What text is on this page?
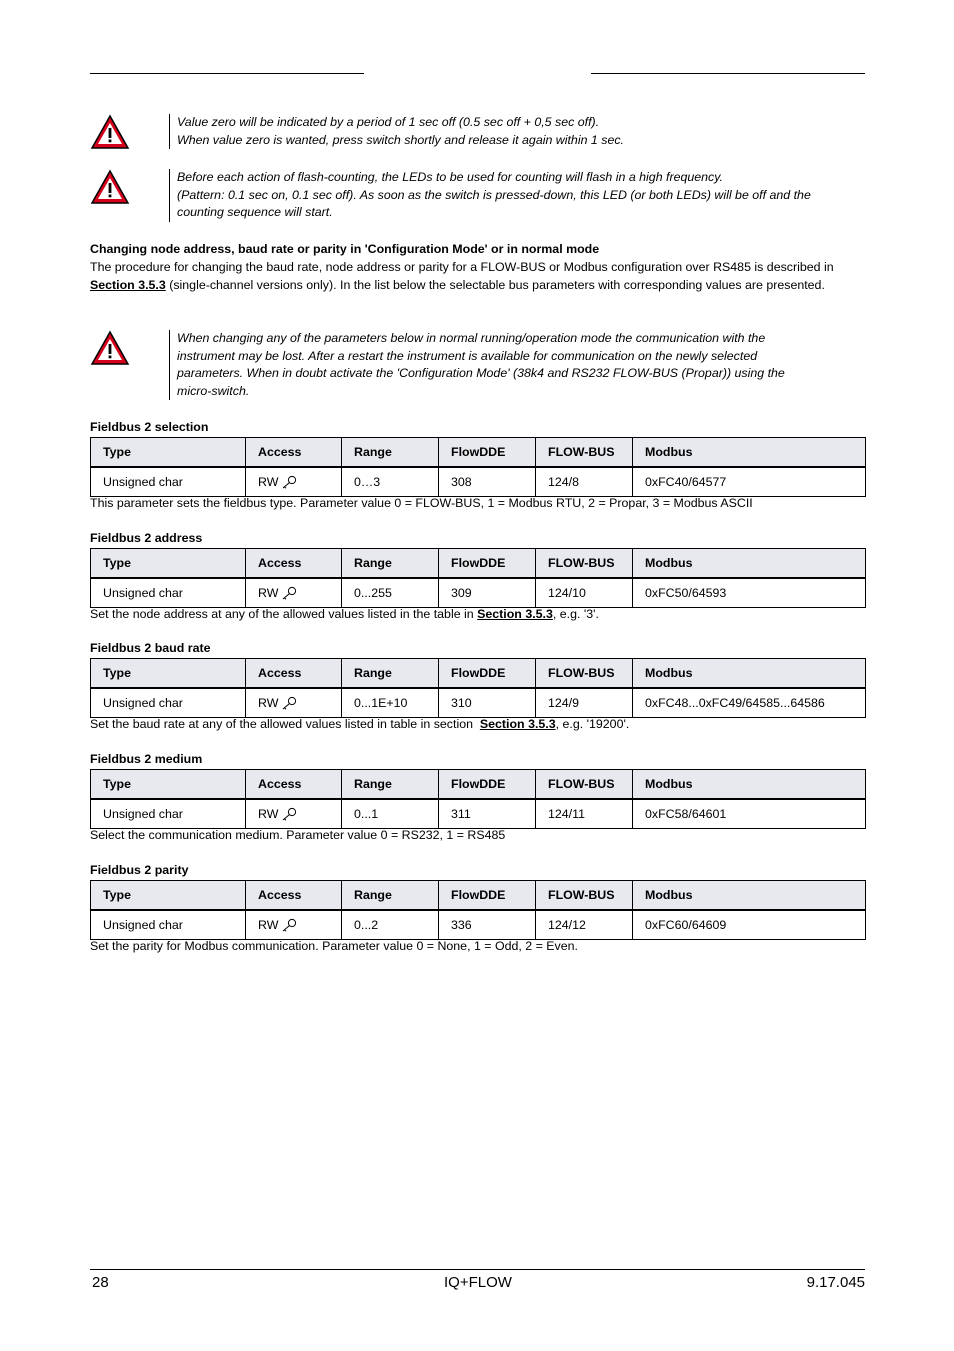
Value zero will be indicated by a period of 1 sec off (0.5 sec off + 0,5 sec off).
When value zero is wanted, press switch shortly and release it again within 1 sec.
Before each action of flash-counting, the LEDs to be used for counting will flash in a high frequency.
(Pattern: 0.1 sec on, 0.1 sec off). As soon as the switch is pressed-down, this LED (or both LEDs) will be off and the
counting sequence will start.
Changing node address, baud rate or parity in 'Configuration Mode' or in normal mode
The procedure for changing the baud rate, node address or parity for a FLOW-BUS or Modbus configuration over RS485 is described in Section 3.5.3 (single-channel versions only). In the list below the selectable bus parameters with corresponding values are presented.
When changing any of the parameters below in normal running/operation mode the communication with the
instrument may be lost. After a restart the instrument is available for communication on the newly selected
parameters. When in doubt activate the 'Configuration Mode' (38k4 and RS232 FLOW-BUS (Propar)) using the
micro-switch.
Fieldbus 2 selection
Type	Access	Range	FlowDDE	FLOW-BUS	Modbus
Unsigned char	RW	0…3	308	124/8	0xFC40/64577
This parameter sets the fieldbus type. Parameter value 0 = FLOW-BUS, 1 = Modbus RTU, 2 = Propar, 3 = Modbus ASCII
Fieldbus 2 address
Type	Access	Range	FlowDDE	FLOW-BUS	Modbus
Unsigned char	RW	0...255	309	124/10	0xFC50/64593
Set the node address at any of the allowed values listed in the table in Section 3.5.3, e.g. '3'.
Fieldbus 2 baud rate
Type	Access	Range	FlowDDE	FLOW-BUS	Modbus
Unsigned char	RW	0...1E+10	310	124/9	0xFC48...0xFC49/64585...64586
Set the baud rate at any of the allowed values listed in table in section  Section 3.5.3, e.g. '19200'.
Fieldbus 2 medium
Type	Access	Range	FlowDDE	FLOW-BUS	Modbus
Unsigned char	RW	0...1	311	124/11	0xFC58/64601
Select the communication medium. Parameter value 0 = RS232, 1 = RS485
Fieldbus 2 parity
Type	Access	Range	FlowDDE	FLOW-BUS	Modbus
Unsigned char	RW	0...2	336	124/12	0xFC60/64609
Set the parity for Modbus communication. Parameter value 0 = None, 1 = Odd, 2 = Even.
28	IQ+FLOW	9.17.045
